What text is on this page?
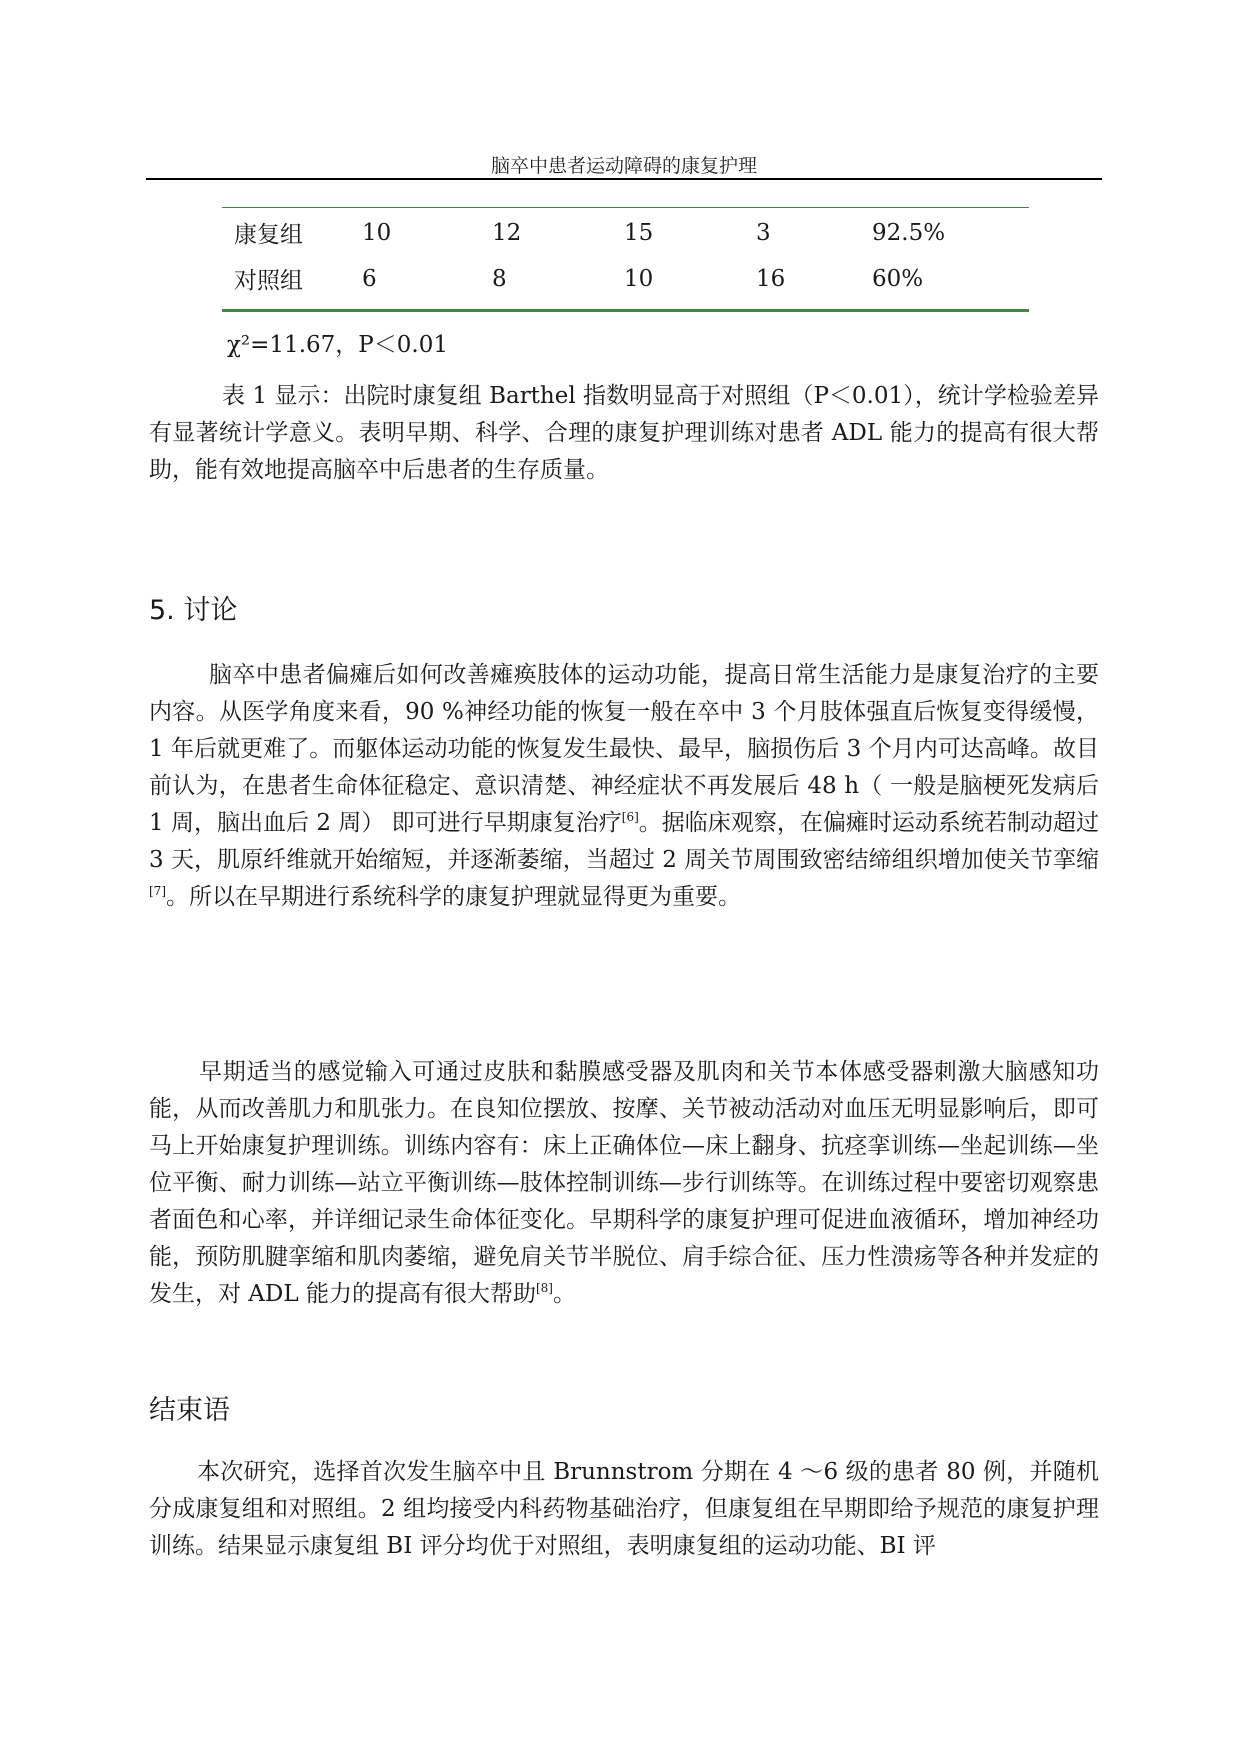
脑卒中患者运动障碍的康复护理
康复组	10	12	15	3	92.5%
对照组	6	8	10	16	60%
χ²=11.67，P＜0.01

表 1 显示：出院时康复组 Barthel 指数明显高于对照组（P＜0.01），统计学检验差异有显著统计学意义。表明早期、科学、合理的康复护理训练对患者 ADL 能力的提高有很大帮助，能有效地提高脑卒中后患者的生存质量。

5. 讨论

脑卒中患者偏瘫后如何改善瘫痪肢体的运动功能，提高日常生活能力是康复治疗的主要内容。从医学角度来看，90 %神经功能的恢复一般在卒中 3 个月肢体强直后恢复变得缓慢，1 年后就更难了。而躯体运动功能的恢复发生最快、最早，脑损伤后 3 个月内可达高峰。故目前认为，在患者生命体征稳定、意识清楚、神经症状不再发展后 48 h（ 一般是脑梗死发病后 1 周，脑出血后 2 周） 即可进行早期康复治疗[6]。据临床观察，在偏瘫时运动系统若制动超过 3 天，肌原纤维就开始缩短，并逐渐萎缩，当超过 2 周关节周围致密结缔组织增加使关节挛缩[7]。所以在早期进行系统科学的康复护理就显得更为重要。

早期适当的感觉输入可通过皮肤和黏膜感受器及肌肉和关节本体感受器刺激大脑感知功能，从而改善肌力和肌张力。在良知位摆放、按摩、关节被动活动对血压无明显影响后，即可马上开始康复护理训练。训练内容有：床上正确体位—床上翻身、抗痉挛训练—坐起训练—坐位平衡、耐力训练—站立平衡训练—肢体控制训练—步行训练等。在训练过程中要密切观察患者面色和心率，并详细记录生命体征变化。早期科学的康复护理可促进血液循环，增加神经功能，预防肌腱挛缩和肌肉萎缩，避免肩关节半脱位、肩手综合征、压力性溃疡等各种并发症的发生，对 ADL 能力的提高有很大帮助[8]。

结束语

本次研究，选择首次发生脑卒中且 Brunnstrom 分期在 4 ～6 级的患者 80 例，并随机分成康复组和对照组。2 组均接受内科药物基础治疗，但康复组在早期即给予规范的康复护理训练。结果显示康复组 BI 评分均优于对照组，表明康复组的运动功能、BI 评
